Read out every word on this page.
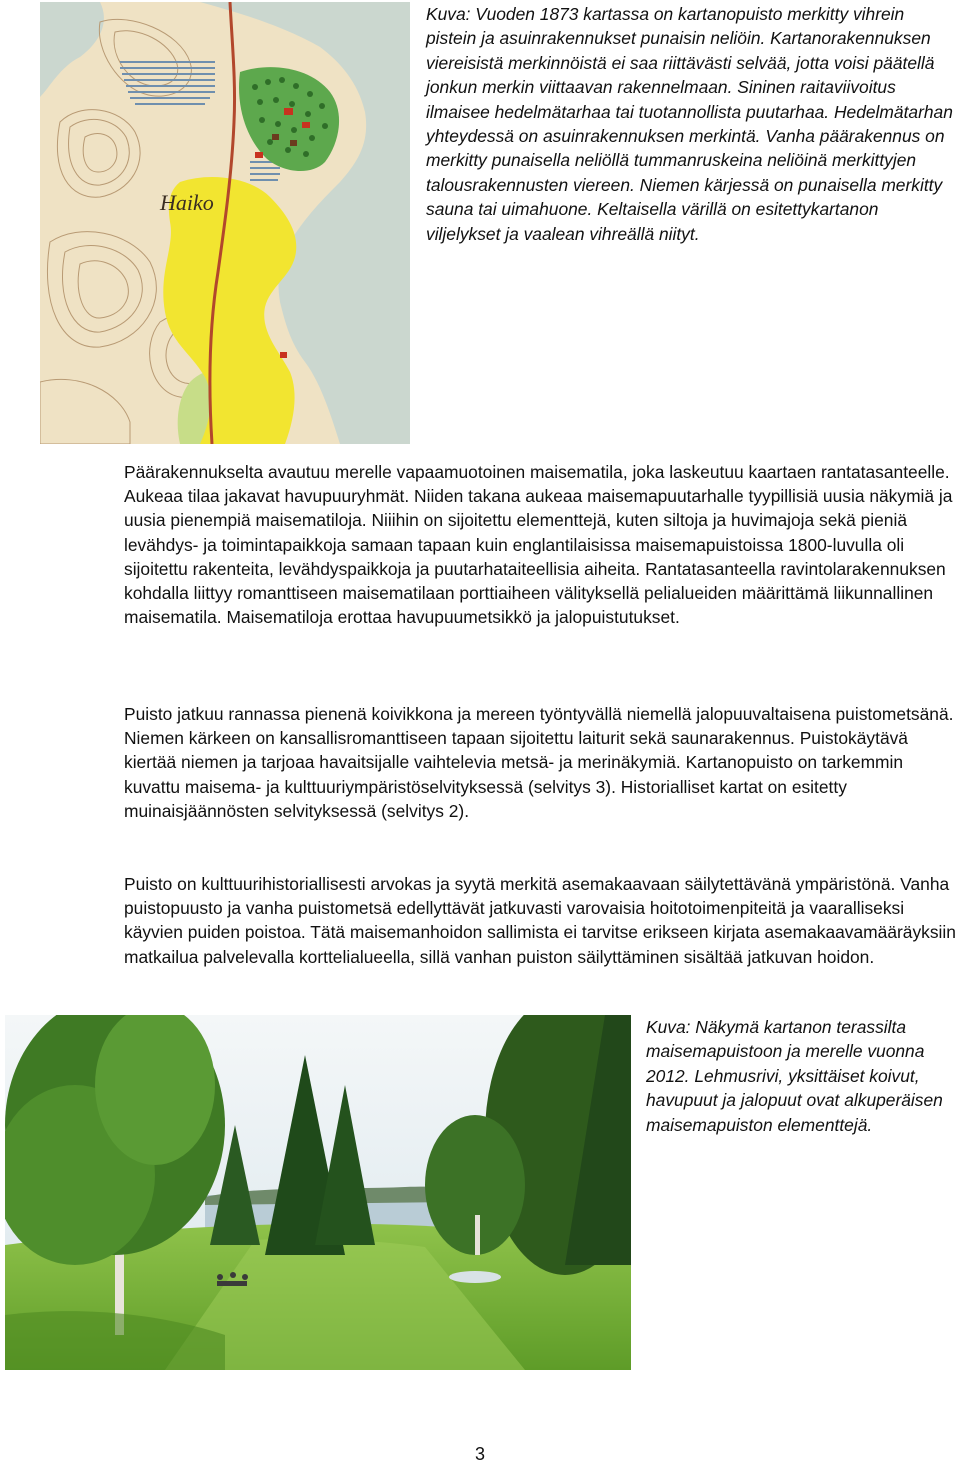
Haiko

Kuva: Vuoden 1873 kartassa on kartanopuisto merkitty vihrein pistein ja asuinrakennukset punaisin neliöin. Kartanorakennuksen viereisistä merkinnöistä ei saa riittävästi selvää, jotta voisi päätellä jonkun merkin viittaavan rakennelmaan. Sininen raitaviivoitus ilmaisee hedelmätarhaa tai tuotannollista puutarhaa. Hedelmätarhan yhteydessä on asuinrakennuksen merkintä. Vanha päärakennus on merkitty punaisella neliöllä tummanruskeina neliöinä merkittyjen talousrakennusten viereen. Niemen kärjessä on punaisella merkitty sauna tai uimahuone. Keltaisella värillä on esitettykartanon viljelykset ja vaalean vihreällä niityt.

Päärakennukselta avautuu merelle vapaamuotoinen maisematila, joka laskeutuu kaartaen rantatasanteelle. Aukeaa tilaa jakavat havupuuryhmät. Niiden takana aukeaa maisemapuutarhalle tyypillisiä uusia näkymiä ja uusia pienempiä maisematiloja. Niiihin on sijoitettu elementtejä, kuten siltoja ja huvimajoja sekä pieniä levähdys- ja toimintapaikkoja samaan tapaan kuin englantilaisissa maisemapuistoissa 1800-luvulla oli sijoitettu rakenteita, levähdyspaikkoja ja puutarhataiteellisia aiheita. Rantatasanteella ravintolarakennuksen kohdalla liittyy romanttiseen maisematilaan porttiaiheen välityksellä pelialueiden määrittämä liikunnallinen maisematila. Maisematiloja erottaa havupuumetsikkö ja jalopuistutukset.

Puisto jatkuu rannassa pienenä koivikkona ja mereen työntyvällä niemellä jalopuuvaltaisena puistometsänä. Niemen kärkeen on kansallisromanttiseen tapaan sijoitettu laiturit sekä saunarakennus. Puistokäytävä kiertää niemen ja tarjoaa havaitsijalle vaihtelevia metsä- ja merinäkymiä. Kartanopuisto on tarkemmin kuvattu maisema- ja kulttuuriympäristöselvityksessä (selvitys 3). Historialliset kartat on esitetty muinaisjäännösten selvityksessä (selvitys 2).

Puisto on kulttuurihistoriallisesti arvokas ja syytä merkitä asemakaavaan säilytettävänä ympäristönä. Vanha puistopuusto ja vanha puistometsä edellyttävät jatkuvasti varovaisia hoitotoimenpiteitä ja vaaralliseksi käyvien puiden poistoa. Tätä maisemanhoidon sallimista ei tarvitse erikseen kirjata asemakaavamääräyksiin matkailua palvelevalla korttelialueella, sillä vanhan puiston säilyttäminen sisältää jatkuvan hoidon.

Kuva: Näkymä kartanon terassilta maisemapuistoon ja merelle vuonna 2012. Lehmusrivi, yksittäiset koivut, havupuut ja jalopuut ovat alkuperäisen maisemapuiston elementtejä.

3
